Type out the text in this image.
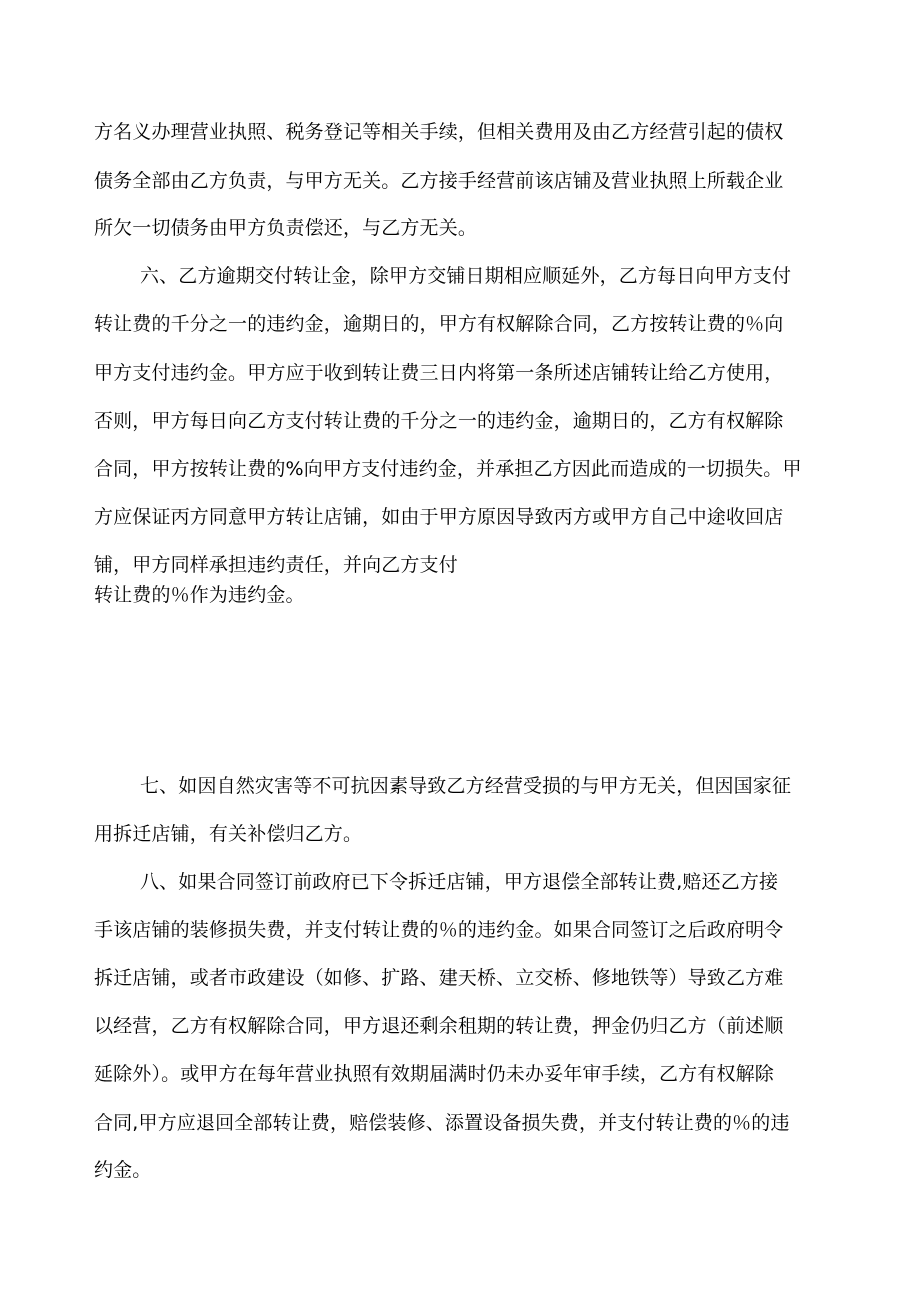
方名义办理营业执照、税务登记等相关手续，但相关费用及由乙方经营引起的债权
债务全部由乙方负责，与甲方无关。乙方接手经营前该店铺及营业执照上所载企业
所欠一切债务由甲方负责偿还，与乙方无关。
六、乙方逾期交付转让金，除甲方交铺日期相应顺延外，乙方每日向甲方支付
转让费的千分之一的违约金，逾期日的，甲方有权解除合同，乙方按转让费的％向
甲方支付违约金。甲方应于收到转让费三日内将第一条所述店铺转让给乙方使用，
否则，甲方每日向乙方支付转让费的千分之一的违约金，逾期日的，乙方有权解除
合同，甲方按转让费的%向甲方支付违约金，并承担乙方因此而造成的一切损失。甲
方应保证丙方同意甲方转让店铺，如由于甲方原因导致丙方或甲方自己中途收回店
铺，甲方同样承担违约责任，并向乙方支付
转让费的％作为违约金。
七、如因自然灾害等不可抗因素导致乙方经营受损的与甲方无关，但因国家征
用拆迁店铺，有关补偿归乙方。
八、如果合同签订前政府已下令拆迁店铺，甲方退偿全部转让费,赔还乙方接
手该店铺的装修损失费，并支付转让费的％的违约金。如果合同签订之后政府明令
拆迁店铺，或者市政建设（如修、扩路、建天桥、立交桥、修地铁等）导致乙方难
以经营，乙方有权解除合同，甲方退还剩余租期的转让费，押金仍归乙方（前述顺
延除外）。或甲方在每年营业执照有效期届满时仍未办妥年审手续，乙方有权解除
合同,甲方应退回全部转让费，赔偿装修、添置设备损失费，并支付转让费的％的违
约金。
